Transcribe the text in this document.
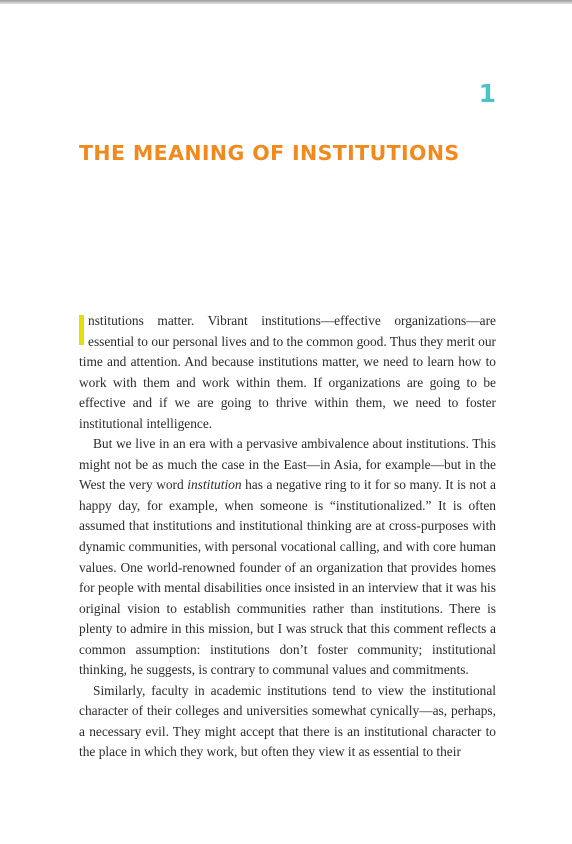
1
THE MEANING OF INSTITUTIONS

nstitutions matter. Vibrant institutions—effective organizations—are essential to our personal lives and to the common good. Thus they merit our time and attention. And because institutions matter, we need to learn how to work with them and work within them. If organizations are going to be effective and if we are going to thrive within them, we need to foster institutional intelligence.

But we live in an era with a pervasive ambivalence about institutions. This might not be as much the case in the East—in Asia, for example—but in the West the very word institution has a negative ring to it for so many. It is not a happy day, for example, when someone is “institutionalized.” It is often assumed that institutions and institutional thinking are at cross-purposes with dynamic communities, with personal vocational calling, and with core human values. One world-renowned founder of an organization that provides homes for people with mental disabilities once insisted in an interview that it was his original vision to establish communities rather than institutions. There is plenty to admire in this mission, but I was struck that this comment reflects a common assumption: institutions don’t foster community; institutional thinking, he suggests, is contrary to communal values and commitments.

Similarly, faculty in academic institutions tend to view the institutional character of their colleges and universities somewhat cynically—as, perhaps, a necessary evil. They might accept that there is an institutional character to the place in which they work, but often they view it as essential to their
